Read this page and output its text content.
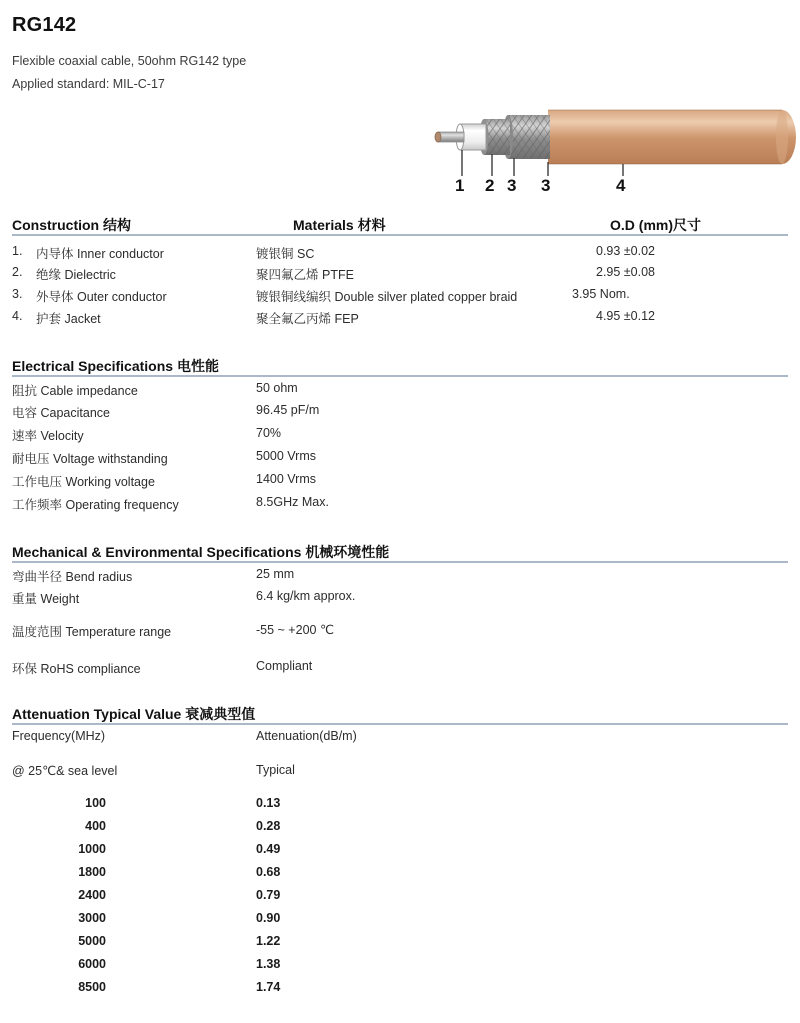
RG142
Flexible coaxial cable, 50ohm RG142 type
Applied standard: MIL-C-17
1 2 3 3	4
Construction 结构	Materials 材料	O.D (mm)尺寸
1. 内导体 Inner conductor	镀银铜 SC	0.93 ±0.02
2. 绝缘 Dielectric	聚四氟乙烯 PTFE	2.95 ±0.08
3. 外导体 Outer conductor	镀银铜线编织 Double silver plated copper braid	3.95 Nom.
4. 护套 Jacket	聚全氟乙丙烯 FEP	4.95 ±0.12
Electrical Specifications 电性能
阻抗 Cable impedance	50 ohm
电容 Capacitance	96.45 pF/m
速率 Velocity	70%
耐电压 Voltage withstanding	5000 Vrms
工作电压 Working voltage	1400 Vrms
工作频率 Operating frequency	8.5GHz Max.
Mechanical & Environmental Specifications 机械环境性能
弯曲半径 Bend radius	25 mm
重量 Weight	6.4 kg/km approx.
温度范围 Temperature range	-55 ~ +200 ℃
环保 RoHS compliance	Compliant
Attenuation Typical Value 衰减典型值
Frequency(MHz)	Attenuation(dB/m)
@ 25℃& sea level	Typical
100	0.13
400	0.28
1000	0.49
1800	0.68
2400	0.79
3000	0.90
5000	1.22
6000	1.38
8500	1.74
